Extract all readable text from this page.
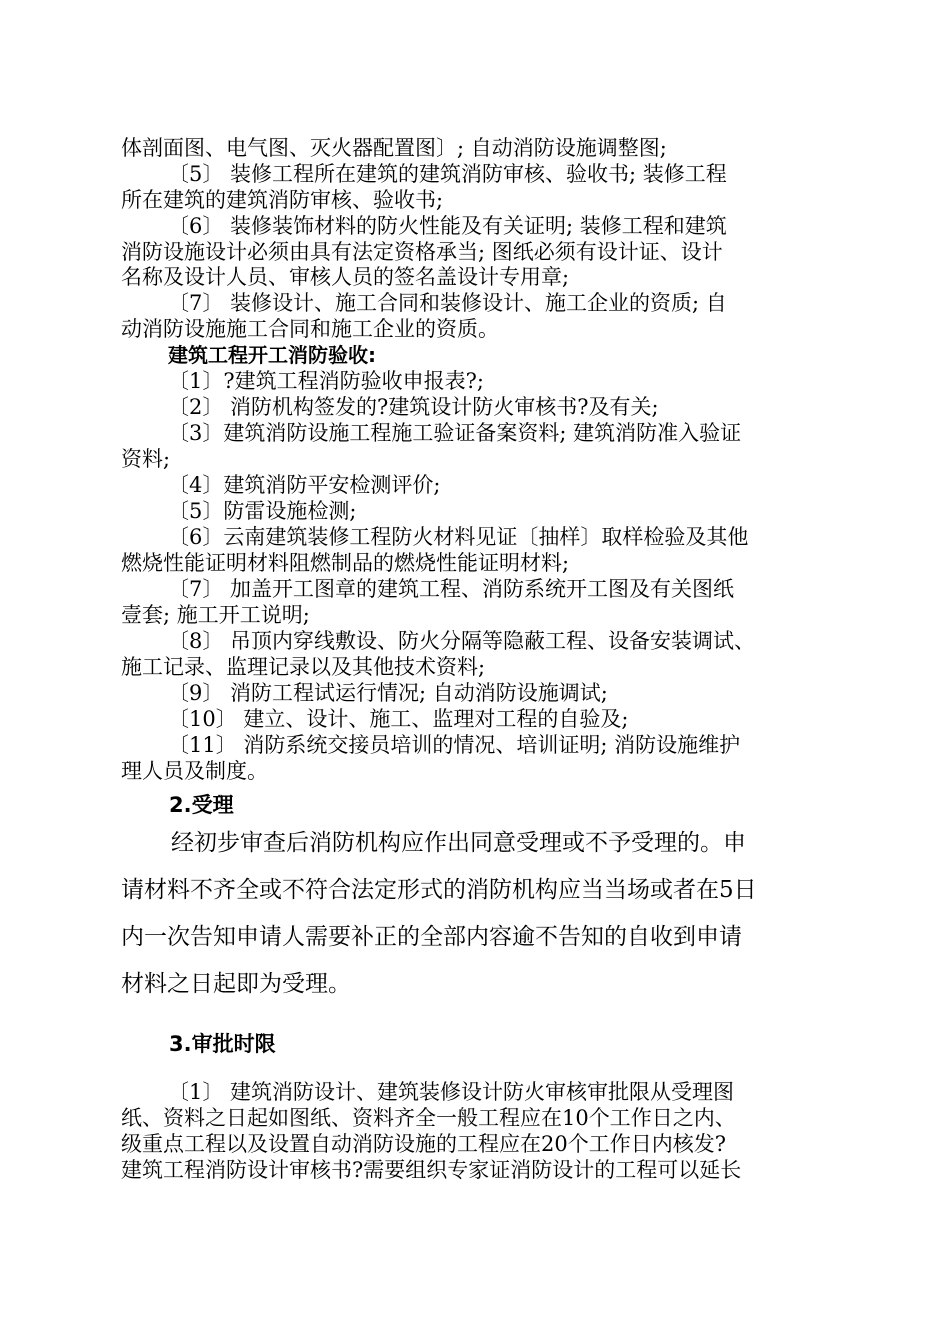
体剖面图、电气图、灭火器配置图〕; 自动消防设施调整图;
〔5〕 装修工程所在建筑的建筑消防审核、验收书; 装修工程
所在建筑的建筑消防审核、验收书;
〔6〕 装修装饰材料的防火性能及有关证明; 装修工程和建筑
消防设施设计必须由具有法定资格承当; 图纸必须有设计证、设计
名称及设计人员、审核人员的签名盖设计专用章;
〔7〕 装修设计、施工合同和装修设计、施工企业的资质; 自
动消防设施施工合同和施工企业的资质。
建筑工程开工消防验收:
〔1〕?建筑工程消防验收申报表?;
〔2〕 消防机构签发的?建筑设计防火审核书?及有关;
〔3〕建筑消防设施工程施工验证备案资料; 建筑消防准入验证
资料;
〔4〕建筑消防平安检测评价;
〔5〕防雷设施检测;
〔6〕云南建筑装修工程防火材料见证〔抽样〕取样检验及其他
燃烧性能证明材料阻燃制品的燃烧性能证明材料;
〔7〕 加盖开工图章的建筑工程、消防系统开工图及有关图纸
壹套; 施工开工说明;
〔8〕 吊顶内穿线敷设、防火分隔等隐蔽工程、设备安装调试、
施工记录、监理记录以及其他技术资料;
〔9〕 消防工程试运行情况; 自动消防设施调试;
〔10〕 建立、设计、施工、监理对工程的自验及;
〔11〕 消防系统交接员培训的情况、培训证明; 消防设施维护
理人员及制度。
2.受理
经初步审查后消防机构应作出同意受理或不予受理的。申
请材料不齐全或不符合法定形式的消防机构应当当场或者在5日
内一次告知申请人需要补正的全部内容逾不告知的自收到申请
材料之日起即为受理。
3.审批时限
〔1〕 建筑消防设计、建筑装修设计防火审核审批限从受理图
纸、资料之日起如图纸、资料齐全一般工程应在10个工作日之内、
级重点工程以及设置自动消防设施的工程应在20个工作日内核发?
建筑工程消防设计审核书?需要组织专家证消防设计的工程可以延长
